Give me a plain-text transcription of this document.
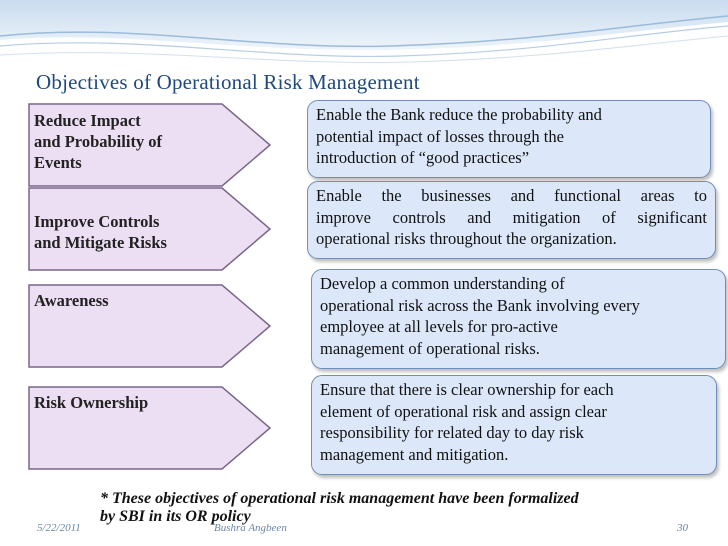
Objectives of Operational Risk Management
Reduce Impact
and Probability of
Events
Enable the Bank reduce the probability and
potential impact of losses through the
introduction of “good practices”
Improve Controls
and Mitigate Risks
Enable the businesses and functional areas to
improve controls and mitigation of significant
operational risks throughout the organization.
Awareness
Develop a common understanding of
operational risk across the Bank involving every
employee at all levels for pro-active
management of operational risks.
Risk Ownership
Ensure that there is clear ownership for each
element of operational risk and assign clear
responsibility for related day to day risk
management and mitigation.
* These objectives of operational risk management have been formalized
by SBI in its OR policy
5/22/2011	Bushra Angbeen	30
